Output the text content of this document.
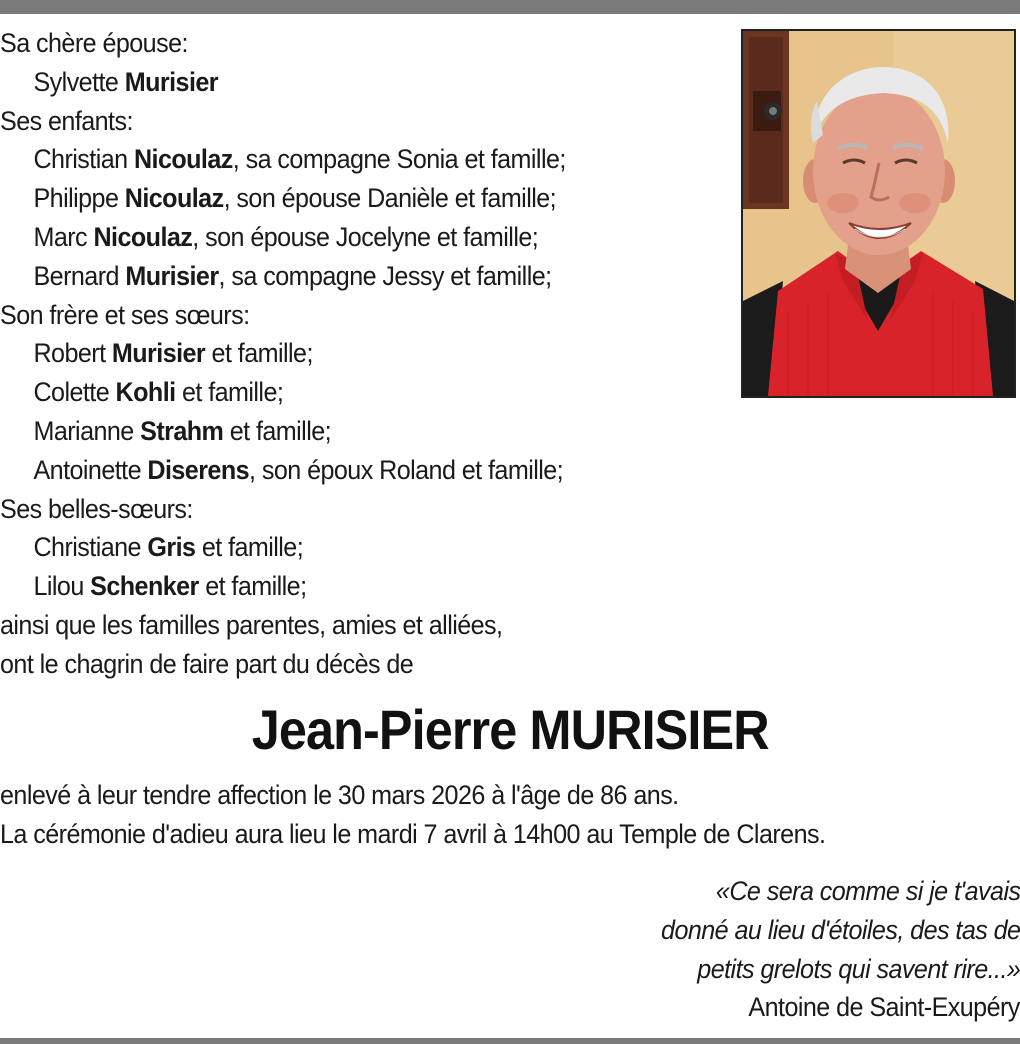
Sa chère épouse:
Sylvette Murisier
Ses enfants:
Christian Nicoulaz, sa compagne Sonia et famille;
Philippe Nicoulaz, son épouse Danièle et famille;
Marc Nicoulaz, son épouse Jocelyne et famille;
Bernard Murisier, sa compagne Jessy et famille;
Son frère et ses sœurs:
Robert Murisier et famille;
Colette Kohli et famille;
Marianne Strahm et famille;
Antoinette Diserens, son époux Roland et famille;
Ses belles-sœurs:
Christiane Gris et famille;
Lilou Schenker et famille;
ainsi que les familles parentes, amies et alliées,
ont le chagrin de faire part du décès de
Jean-Pierre MURISIER
enlevé à leur tendre affection le 30 mars 2026 à l'âge de 86 ans.
La cérémonie d'adieu aura lieu le mardi 7 avril à 14h00 au Temple de Clarens.
«Ce sera comme si je t'avais
donné au lieu d'étoiles, des tas de
petits grelots qui savent rire...»
Antoine de Saint-Exupéry
